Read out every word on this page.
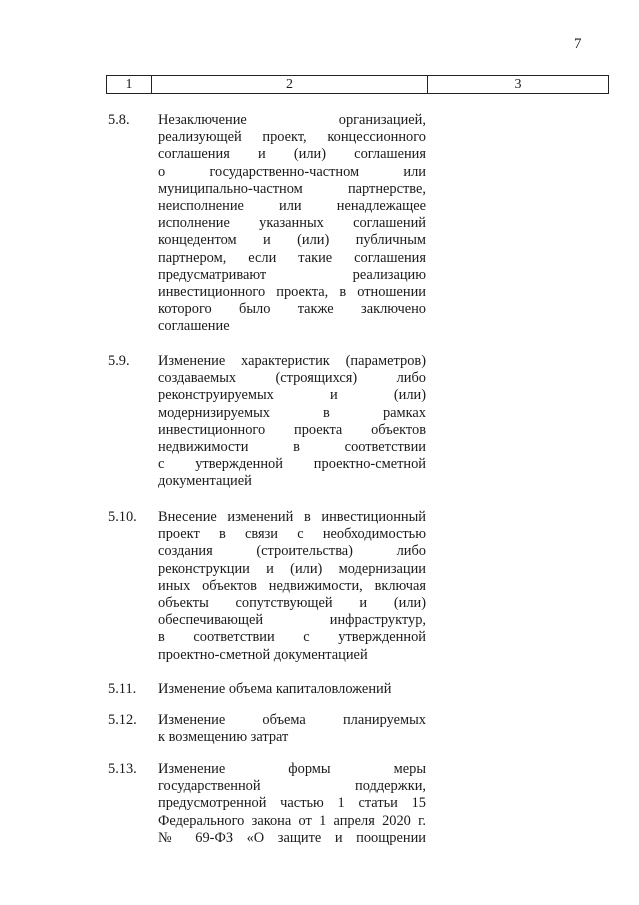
7
1	2	3
5.8.	Незаключение организацией,
реализующей проект, концессионного
соглашения и (или) соглашения
о государственно-частном или
муниципально-частном партнерстве,
неисполнение или ненадлежащее
исполнение указанных соглашений
концедентом и (или) публичным
партнером, если такие соглашения
предусматривают реализацию
инвестиционного проекта, в отношении
которого было также заключено
соглашение
5.9.	Изменение характеристик (параметров)
создаваемых (строящихся) либо
реконструируемых и (или)
модернизируемых в рамках
инвестиционного проекта объектов
недвижимости в соответствии
с утвержденной проектно-сметной
документацией
5.10.	Внесение изменений в инвестиционный
проект в связи с необходимостью
создания (строительства) либо
реконструкции и (или) модернизации
иных объектов недвижимости, включая
объекты сопутствующей и (или)
обеспечивающей инфраструктур,
в соответствии с утвержденной
проектно-сметной документацией
5.11.	Изменение объема капиталовложений
5.12.	Изменение объема планируемых
к возмещению затрат
5.13.	Изменение формы меры
государственной поддержки,
предусмотренной частью 1 статьи 15
Федерального закона от 1 апреля 2020 г.
№ 69-ФЗ «О защите и поощрении
